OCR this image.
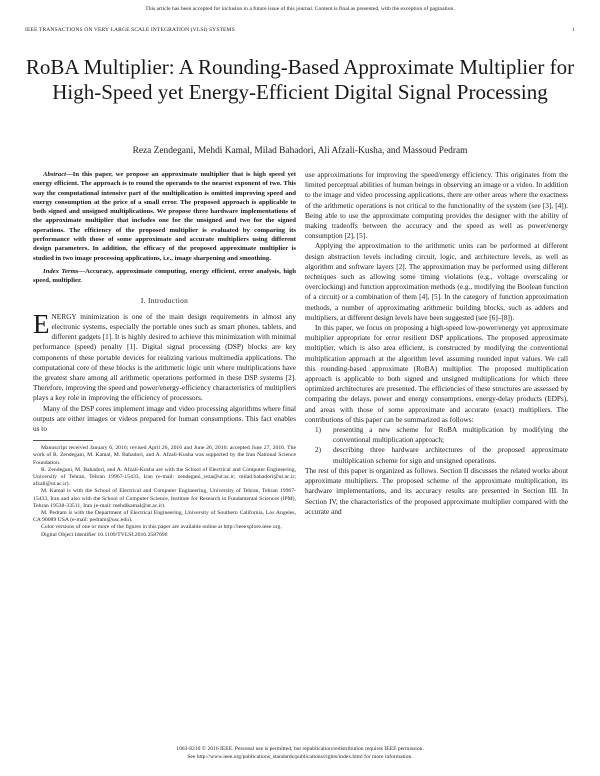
This article has been accepted for inclusion in a future issue of this journal. Content is final as presented, with the exception of pagination.
IEEE TRANSACTIONS ON VERY LARGE SCALE INTEGRATION (VLSI) SYSTEMS	1
RoBA Multiplier: A Rounding-Based Approximate Multiplier for High-Speed yet Energy-Efficient Digital Signal Processing
Reza Zendegani, Mehdi Kamal, Milad Bahadori, Ali Afzali-Kusha, and Massoud Pedram
Abstract—In this paper, we propose an approximate multiplier that is high speed yet energy efficient. The approach is to round the operands to the nearest exponent of two. This way the computational intensive part of the multiplication is omitted improving speed and energy consumption at the price of a small error. The proposed approach is applicable to both signed and unsigned multiplications. We propose three hardware implementations of the approximate multiplier that includes one for the unsigned and two for the signed operations. The efficiency of the proposed multiplier is evaluated by comparing its performance with those of some approximate and accurate multipliers using different design parameters. In addition, the efficacy of the proposed approximate multiplier is studied in two image processing applications, i.e., image sharpening and smoothing.
Index Terms—Accuracy, approximate computing, energy efficient, error analysis, high speed, multiplier.
I. Introduction

ENERGY minimization is one of the main design requirements in almost any electronic systems, especially the portable ones such as smart phones, tablets, and different gadgets [1]. It is highly desired to achieve this minimization with minimal performance (speed) penalty [1]. Digital signal processing (DSP) blocks are key components of these portable devices for realizing various multimedia applications. The computational core of these blocks is the arithmetic logic unit where multiplications have the greatest share among all arithmetic operations performed in these DSP systems [2]. Therefore, improving the speed and power/energy-efficiency characteristics of multipliers plays a key role in improving the efficiency of processors.

Many of the DSP cores implement image and video processing algorithms where final outputs are either images or videos prepared for human consumptions. This fact enables us to

Manuscript received January 6, 2016; revised April 26, 2016 and June 26, 2016; accepted June 27, 2016. The work of R. Zendegani, M. Kamal, M. Bahadori, and A. Afzali-Kusha was supported by the Iran National Science Foundation.

R. Zendegani, M. Bahadori, and A. Afzali-Kusha are with the School of Electrical and Computer Engineering, University of Tehran, Tehran 19967-15433, Iran (e-mail: zendegani_reza@ut.ac.ir; milad.bahadori@ut.ac.ir; afzali@ut.ac.ir).

M. Kamal is with the School of Electrical and Computer Engineering, University of Tehran, Tehran 19967-15433, Iran and also with the School of Computer Science, Institute for Research in Fundamental Sciences (IPM), Tehran 19538-33511, Iran (e-mail: mehdikamal@ut.ac.ir).

M. Pedram is with the Department of Electrical Engineering, University of Southern California, Los Angeles, CA 90089 USA (e-mail: pedram@usc.edu).

Color versions of one or more of the figures in this paper are available online at http://ieeexplore.ieee.org.

Digital Object Identifier 10.1109/TVLSI.2016.2587696

use approximations for improving the speed/energy efficiency. This originates from the limited perceptual abilities of human beings in observing an image or a video. In addition to the image and video processing applications, there are other areas where the exactness of the arithmetic operations is not critical to the functionality of the system (see [3], [4]). Being able to use the approximate computing provides the designer with the ability of making tradeoffs between the accuracy and the speed as well as power/energy consumption [2], [5].

Applying the approximation to the arithmetic units can be performed at different design abstraction levels including circuit, logic, and architecture levels, as well as algorithm and software layers [2]. The approximation may be performed using different techniques such as allowing some timing violations (e.g., voltage overscaling or overclocking) and function approximation methods (e.g., modifying the Boolean function of a circuit) or a combination of them [4], [5]. In the category of function approximation methods, a number of approximating arithmetic building blocks, such as adders and multipliers, at different design levels have been suggested (see [6]–[8]).

In this paper, we focus on proposing a high-speed low-power/energy yet approximate multiplier appropriate for error resilient DSP applications. The proposed approximate multiplier, which is also area efficient, is constructed by modifying the conventional multiplication approach at the algorithm level assuming rounded input values. We call this rounding-based approximate (RoBA) multiplier. The proposed multiplication approach is applicable to both signed and unsigned multiplications for which three optimized architectures are presented. The efficiencies of these structures are assessed by comparing the delays, power and energy consumptions, energy-delay products (EDPs), and areas with those of some approximate and accurate (exact) multipliers. The contributions of this paper can be summarized as follows:

1) presenting a new scheme for RoBA multiplication by modifying the conventional multiplication approach;
2) describing three hardware architectures of the proposed approximate multiplication scheme for sign and unsigned operations.

The rest of this paper is organized as follows. Section II discusses the related works about approximate multipliers. The proposed scheme of the approximate multiplication, its hardware implementations, and its accuracy results are presented in Section III. In Section IV, the characteristics of the proposed approximate multiplier compared with the accurate and

1063-8210 © 2016 IEEE. Personal use is permitted, but republication/redistribution requires IEEE permission.
See http://www.ieee.org/publications_standards/publications/rights/index.html for more information.
